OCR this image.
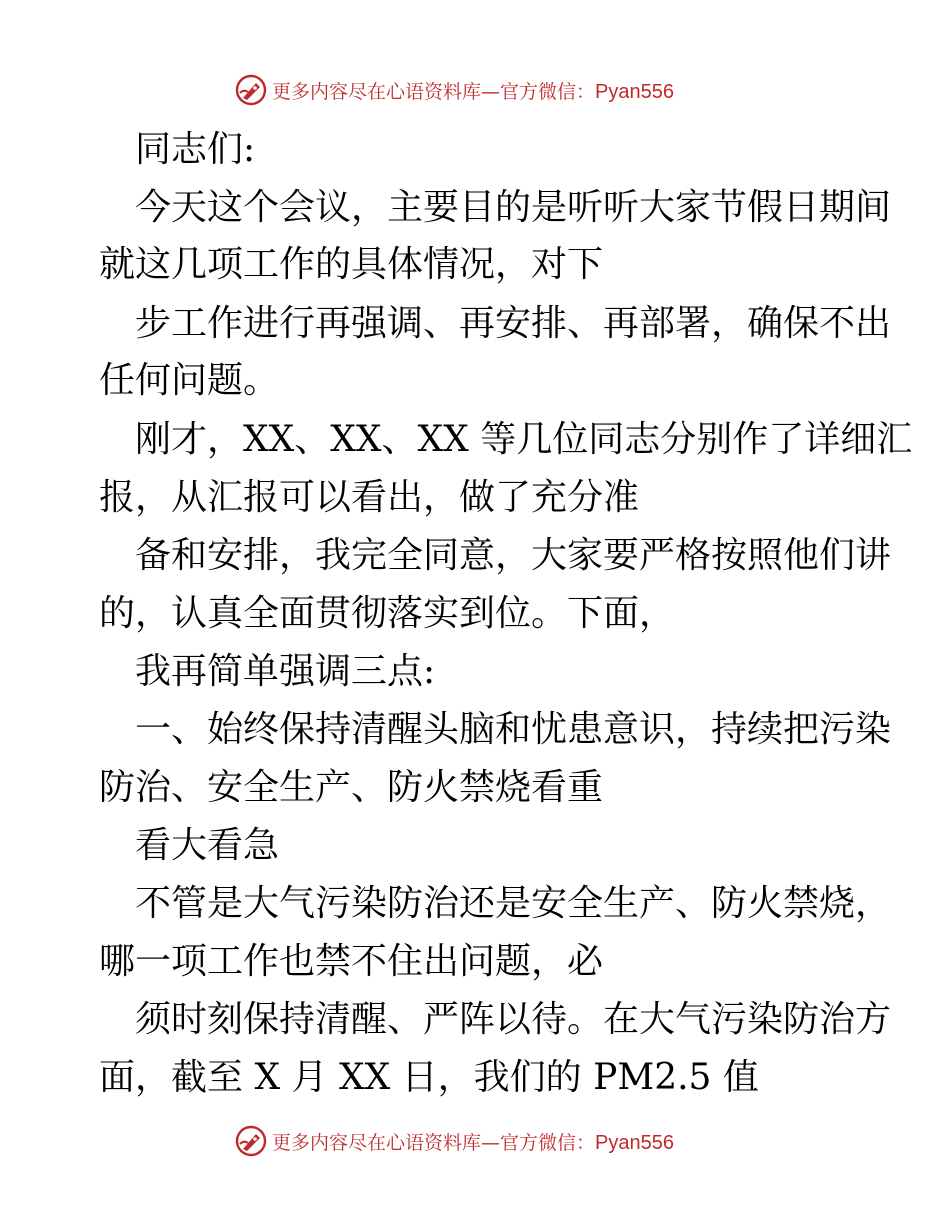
更多内容尽在心语资料库—官方微信：Pyan556
同志们:
今天这个会议，主要目的是听听大家节假日期间
就这几项工作的具体情况，对下
步工作进行再强调、再安排、再部署，确保不出
任何问题。
刚才，XX、XX、XX 等几位同志分别作了详细汇
报，从汇报可以看出，做了充分准
备和安排，我完全同意，大家要严格按照他们讲
的，认真全面贯彻落实到位。下面，
我再简单强调三点:
一、始终保持清醒头脑和忧患意识，持续把污染
防治、安全生产、防火禁烧看重
看大看急
不管是大气污染防治还是安全生产、防火禁烧，
哪一项工作也禁不住出问题，必
须时刻保持清醒、严阵以待。在大气污染防治方
面，截至 X 月 XX 日，我们的 PM2.5 值
更多内容尽在心语资料库—官方微信：Pyan556
